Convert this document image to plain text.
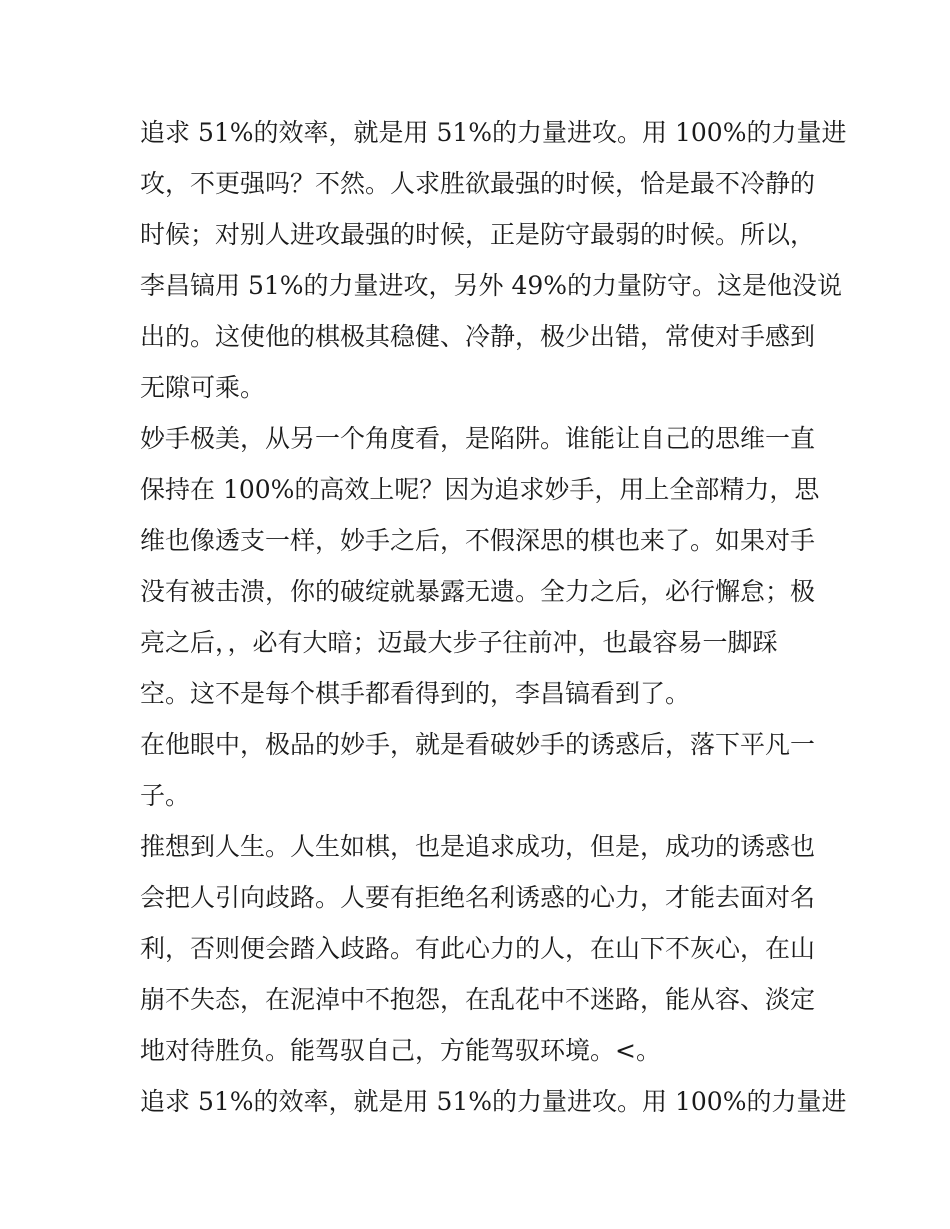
追求 51%的效率，就是用 51%的力量进攻。用 100%的力量进
攻，不更强吗？不然。人求胜欲最强的时候，恰是最不冷静的
时候；对别人进攻最强的时候，正是防守最弱的时候。所以，
李昌镐用 51%的力量进攻，另外 49%的力量防守。这是他没说
出的。这使他的棋极其稳健、冷静，极少出错，常使对手感到
无隙可乘。
妙手极美，从另一个角度看，是陷阱。谁能让自己的思维一直
保持在 100%的高效上呢？因为追求妙手，用上全部精力，思
维也像透支一样，妙手之后，不假深思的棋也来了。如果对手
没有被击溃，你的破绽就暴露无遗。全力之后，必行懈怠；极
亮之后，，必有大暗；迈最大步子往前冲，也最容易一脚踩
空。这不是每个棋手都看得到的，李昌镐看到了。
在他眼中，极品的妙手，就是看破妙手的诱惑后，落下平凡一
子。
推想到人生。人生如棋，也是追求成功，但是，成功的诱惑也
会把人引向歧路。人要有拒绝名利诱惑的心力，才能去面对名
利，否则便会踏入歧路。有此心力的人，在山下不灰心，在山
崩不失态，在泥淖中不抱怨，在乱花中不迷路，能从容、淡定
地对待胜负。能驾驭自己，方能驾驭环境。<。
追求 51%的效率，就是用 51%的力量进攻。用 100%的力量进
